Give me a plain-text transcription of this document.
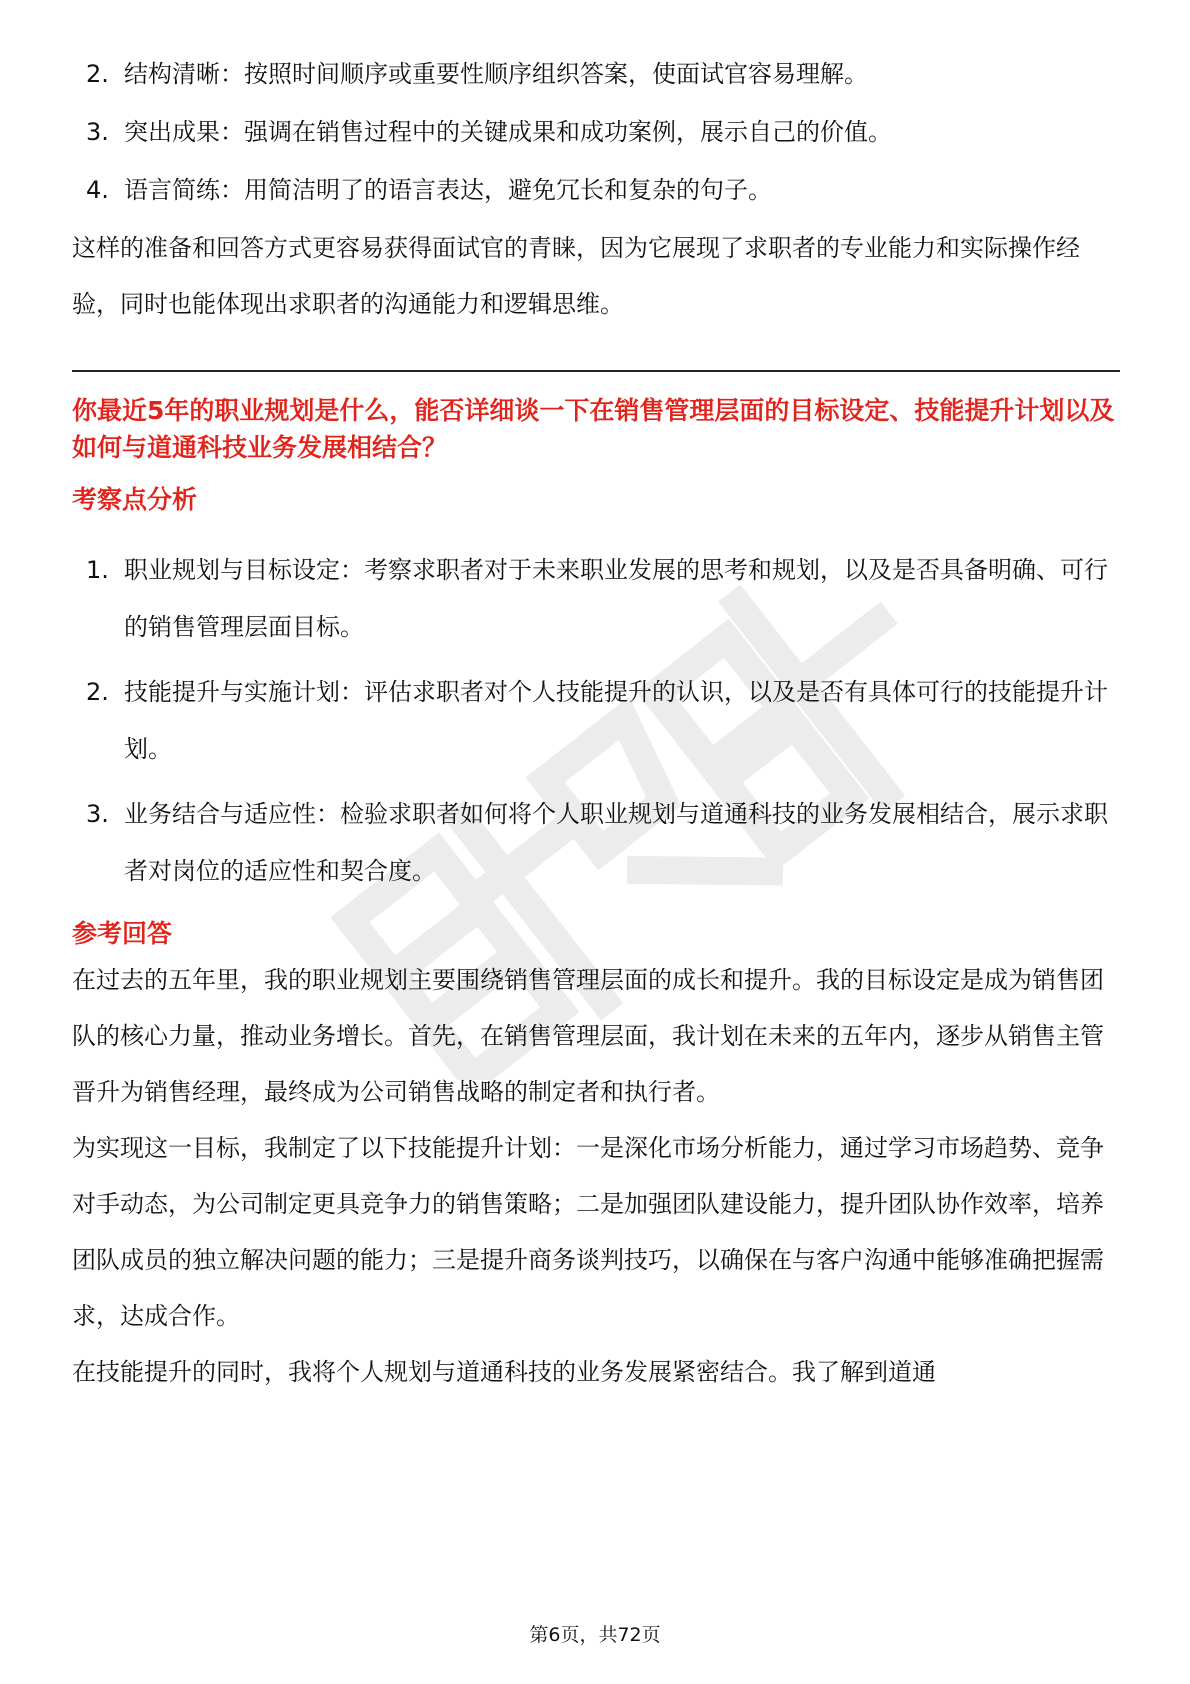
2. 结构清晰：按照时间顺序或重要性顺序组织答案，使面试官容易理解。
3. 突出成果：强调在销售过程中的关键成果和成功案例，展示自己的价值。
4. 语言简练：用简洁明了的语言表达，避免冗长和复杂的句子。

这样的准备和回答方式更容易获得面试官的青睐，因为它展现了求职者的专业能力和实际操作经验，同时也能体现出求职者的沟通能力和逻辑思维。

你最近5年的职业规划是什么，能否详细谈一下在销售管理层面的目标设定、技能提升计划以及如何与道通科技业务发展相结合？
考察点分析
1. 职业规划与目标设定：考察求职者对于未来职业发展的思考和规划，以及是否具备明确、可行的销售管理层面目标。
2. 技能提升与实施计划：评估求职者对个人技能提升的认识，以及是否有具体可行的技能提升计划。
3. 业务结合与适应性：检验求职者如何将个人职业规划与道通科技的业务发展相结合，展示求职者对岗位的适应性和契合度。
参考回答

在过去的五年里，我的职业规划主要围绕销售管理层面的成长和提升。我的目标设定是成为销售团队的核心力量，推动业务增长。首先，在销售管理层面，我计划在未来的五年内，逐步从销售主管晋升为销售经理，最终成为公司销售战略的制定者和执行者。

为实现这一目标，我制定了以下技能提升计划：一是深化市场分析能力，通过学习市场趋势、竞争对手动态，为公司制定更具竞争力的销售策略；二是加强团队建设能力，提升团队协作效率，培养团队成员的独立解决问题的能力；三是提升商务谈判技巧，以确保在与客户沟通中能够准确把握需求，达成合作。

在技能提升的同时，我将个人规划与道通科技的业务发展紧密结合。我了解到道通

第6页，共72页
